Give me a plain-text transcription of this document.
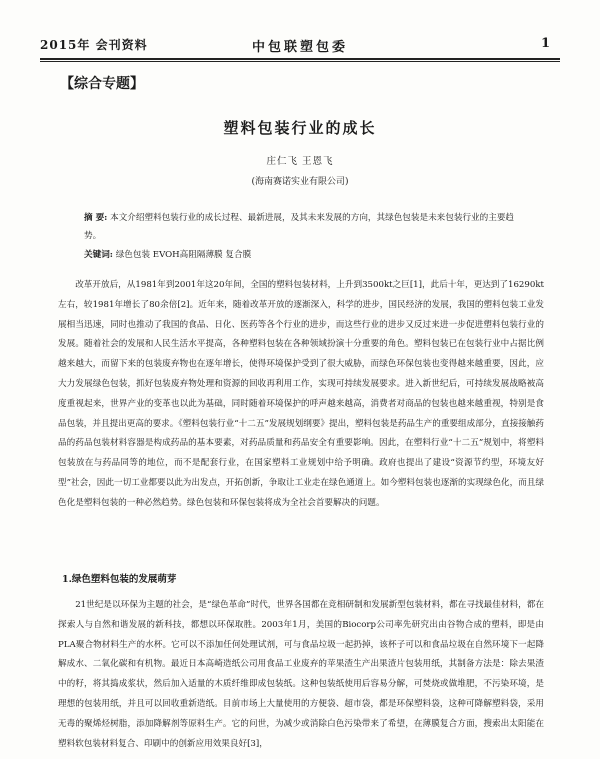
2015年 会刊资料	中包联塑包委	1
【综合专题】
塑料包装行业的成长
庄仁飞 王恩飞
(海南赛诺实业有限公司)
摘 要: 本文介绍塑料包装行业的成长过程、最新进展，及其未来发展的方向，其绿色包装是未来包装行业的主要趋势。
关键词: 绿色包装 EVOH高阻隔薄膜 复合膜

改革开放后，从1981年到2001年这20年间，全国的塑料包装材料，上升到3500kt之巨[1]，此后十年，更达到了16290kt左右，较1981年增长了80余倍[2]。近年来，随着改革开放的逐渐深入，科学的进步，国民经济的发展，我国的塑料包装工业发展相当迅速，同时也推动了我国的食品、日化、医药等各个行业的进步，而这些行业的进步又反过来进一步促进塑料包装行业的发展。随着社会的发展和人民生活水平提高，各种塑料包装在各种领域扮演十分重要的角色。塑料包装已在包装行业中占据比例越来越大，而留下来的包装废弃物也在逐年增长，使得环境保护受到了很大威胁，而绿色环保包装也变得越来越重要，因此，应大力发展绿色包装，抓好包装废弃物处理和资源的回收再利用工作，实现可持续发展要求。进入新世纪后，可持续发展战略被高度重视起来，世界产业的变革也以此为基础，同时随着环境保护的呼声越来越高，消费者对商品的包装也越来越重视，特别是食品包装，并且提出更高的要求。《塑料包装行业“十二五”发展规划纲要》提出，塑料包装是药品生产的重要组成部分，直接接触药品的药品包装材料容器是构成药品的基本要素，对药品质量和药品安全有重要影响。因此，在塑料行业“十二五”规划中，将塑料包装放在与药品同等的地位，而不是配套行业，在国家塑料工业规划中给予明确。政府也提出了建设“资源节约型，环境友好型”社会，因此一切工业都要以此为出发点，开拓创新，争取让工业走在绿色通道上。如今塑料包装也逐渐的实现绿色化，而且绿色化是塑料包装的一种必然趋势。绿色包装和环保包装将成为全社会首要解决的问题。

1.绿色塑料包装的发展萌芽

21世纪是以环保为主题的社会，是“绿色革命”时代，世界各国都在竞相研制和发展新型包装材料，都在寻找最佳材料，都在探索人与自然和谐发展的新科技，都想以环保取胜。2003年1月，美国的Biocorp公司率先研究出由谷物合成的塑料，即是由PLA聚合物材料生产的水杯。它可以不添加任何处理试剂，可与食品垃圾一起扔掉，该杯子可以和食品垃圾在自然环境下一起降解成水、二氧化碳和有机物。最近日本高崎造纸公司用食品工业废弃的苹果渣生产出果渣片包装用纸，其制备方法是：除去果渣中的籽，将其捣成浆状，然后加入适量的木质纤维即成包装纸。这种包装纸使用后容易分解，可焚烧或做堆肥，不污染环境，是理想的包装用纸，并且可以回收重新造纸。目前市场上大量使用的方便袋、超市袋，都是环保塑料袋，这种可降解塑料袋，采用无毒的聚烯烃树脂，添加降解剂等原料生产。它的问世，为减少或消除白色污染带来了希望，在薄膜复合方面，搜索出太阳能在塑料软包装材料复合、印刷中的创新应用效果良好[3]，
